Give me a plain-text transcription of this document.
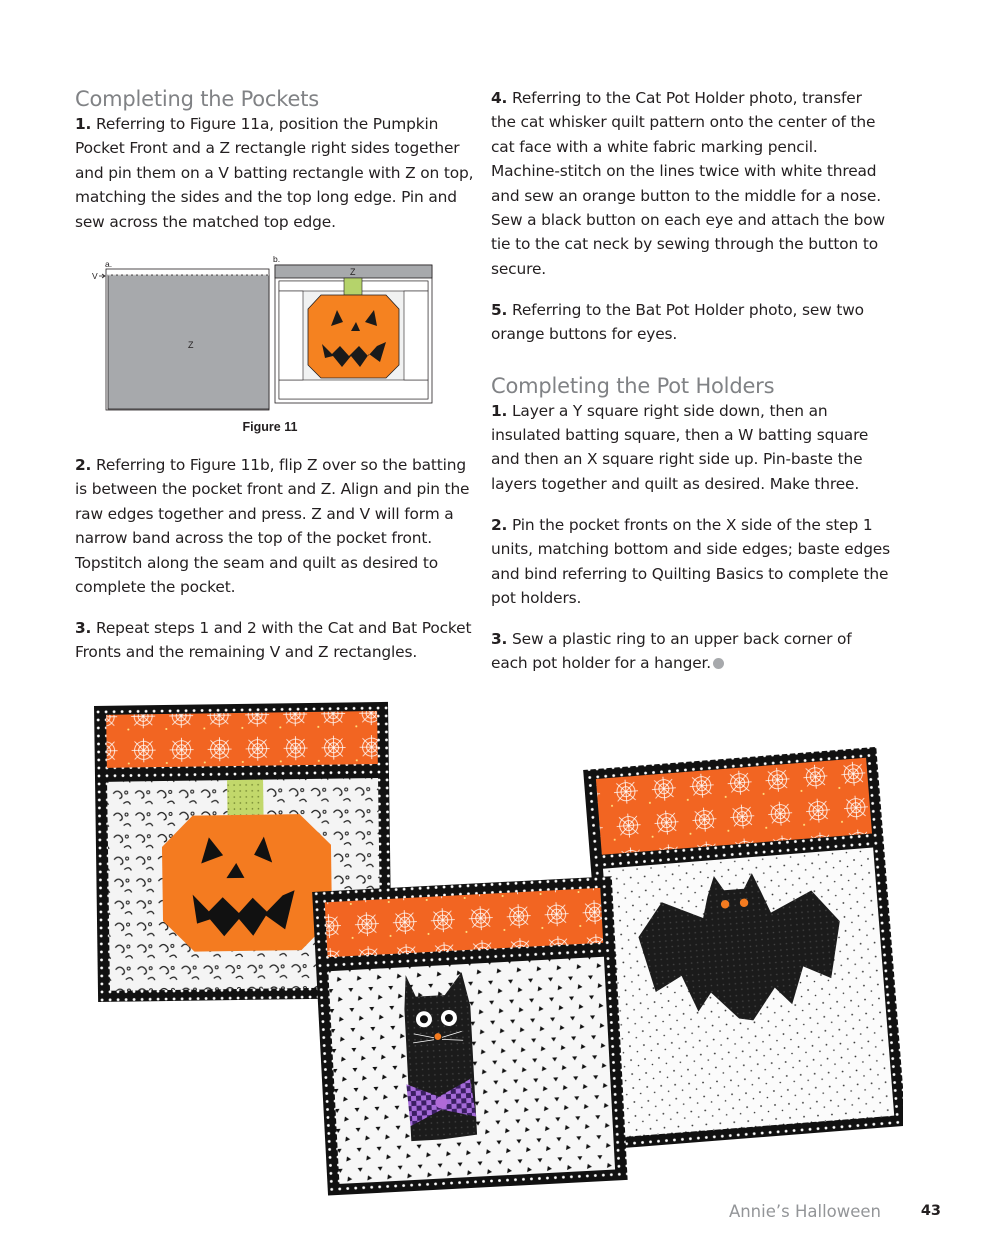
Completing the Pockets

1. Referring to Figure 11a, position the Pumpkin Pocket Front and a Z rectangle right sides together and pin them on a V batting rectangle with Z on top, matching the sides and the top long edge. Pin and sew across the matched top edge.

a.
V
Z
b.
Z
Figure 11

2. Referring to Figure 11b, flip Z over so the batting is between the pocket front and Z. Align and pin the raw edges together and press. Z and V will form a narrow band across the top of the pocket front. Topstitch along the seam and quilt as desired to complete the pocket.

3. Repeat steps 1 and 2 with the Cat and Bat Pocket Fronts and the remaining V and Z rectangles.

4. Referring to the Cat Pot Holder photo, transfer the cat whisker quilt pattern onto the center of the cat face with a white fabric marking pencil. Machine-stitch on the lines twice with white thread and sew an orange button to the middle for a nose. Sew a black button on each eye and attach the bow tie to the cat neck by sewing through the button to secure.

5. Referring to the Bat Pot Holder photo, sew two orange buttons for eyes.

Completing the Pot Holders

1. Layer a Y square right side down, then an insulated batting square, then a W batting square and then an X square right side up. Pin-baste the layers together and quilt as desired. Make three.

2. Pin the pocket fronts on the X side of the step 1 units, matching bottom and side edges; baste edges and bind referring to Quilting Basics to complete the pot holders.

3. Sew a plastic ring to an upper back corner of each pot holder for a hanger.

Annie’s Halloween	43
